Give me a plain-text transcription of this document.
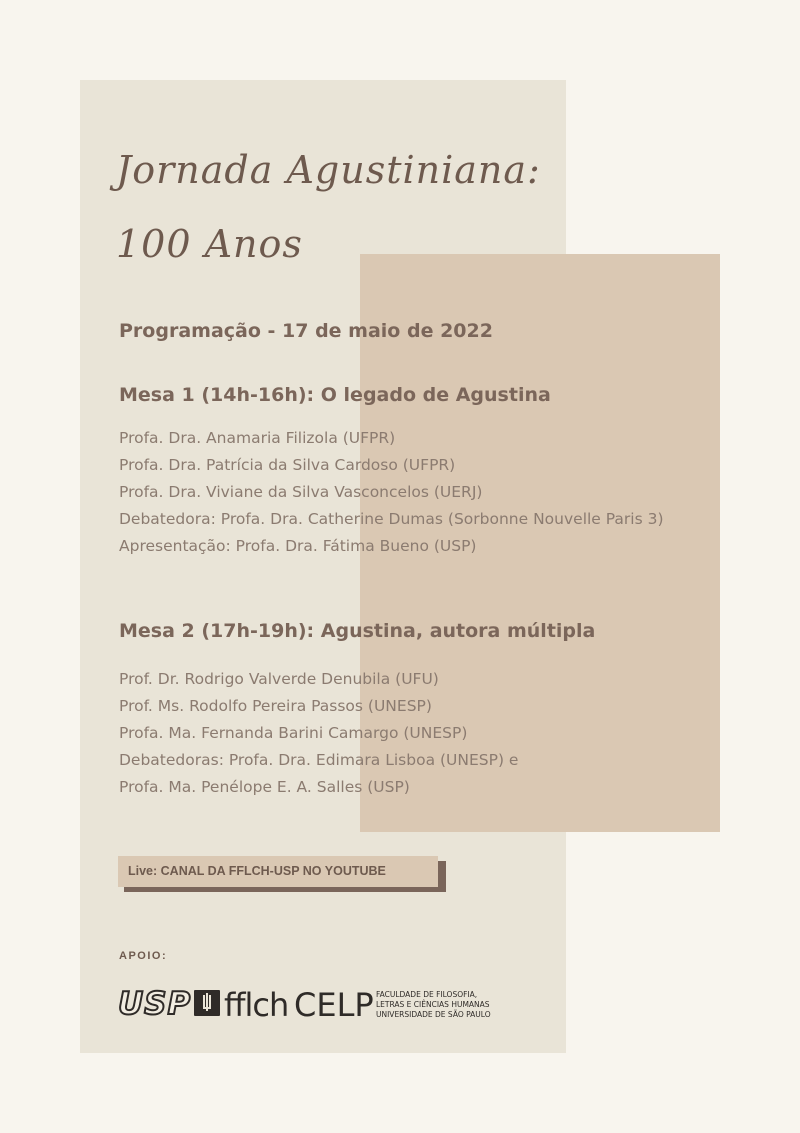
Jornada Agustiniana:
100 Anos
Programação - 17 de maio de 2022
Mesa 1 (14h-16h): O legado de Agustina
Profa. Dra. Anamaria Filizola (UFPR)
Profa. Dra. Patrícia da Silva Cardoso (UFPR)
Profa. Dra. Viviane da Silva Vasconcelos (UERJ)
Debatedora: Profa. Dra. Catherine Dumas (Sorbonne Nouvelle Paris 3)
Apresentação: Profa. Dra. Fátima Bueno (USP)
Mesa 2 (17h-19h): Agustina, autora múltipla
Prof. Dr. Rodrigo Valverde Denubila (UFU)
Prof. Ms. Rodolfo Pereira Passos (UNESP)
Profa. Ma. Fernanda Barini Camargo (UNESP)
Debatedoras: Profa. Dra. Edimara Lisboa (UNESP) e
Profa. Ma. Penélope E. A. Salles (USP)
Live: CANAL DA FFLCH-USP NO YOUTUBE
APOIO:
USP fflch CELP FACULDADE DE FILOSOFIA,
LETRAS E CIÊNCIAS HUMANAS
UNIVERSIDADE DE SÃO PAULO
